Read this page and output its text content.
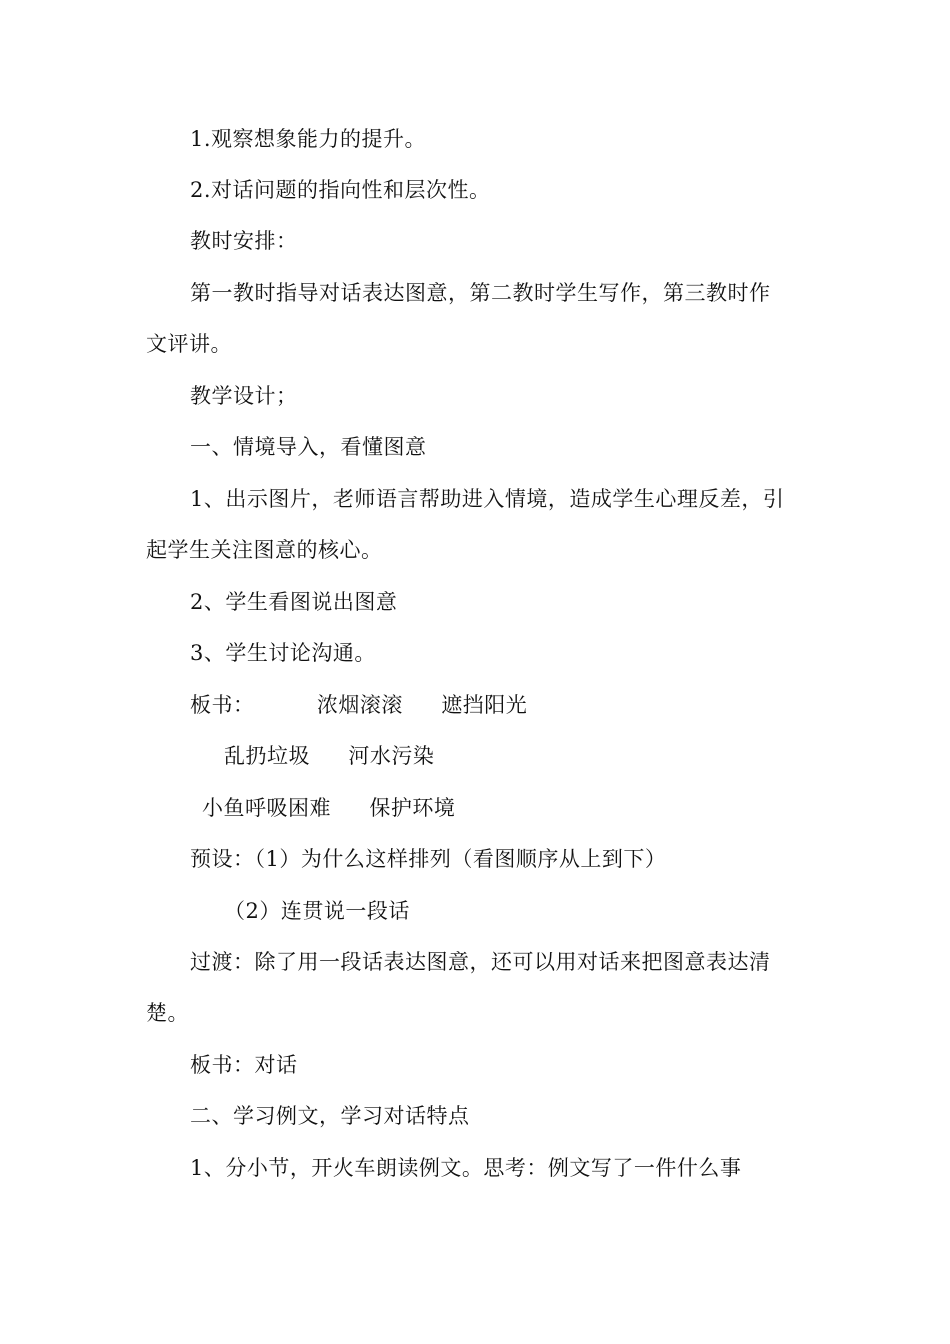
1.观察想象能力的提升。
2.对话问题的指向性和层次性。
教时安排：
第一教时指导对话表达图意，第二教时学生写作，第三教时作
文评讲。
教学设计；
一、情境导入，看懂图意
1、出示图片，老师语言帮助进入情境，造成学生心理反差，引
起学生关注图意的核心。
2、学生看图说出图意
3、学生讨论沟通。
板书：	浓烟滚滚 遮挡阳光
乱扔垃圾 河水污染
小鱼呼吸困难 保护环境
预设：（1）为什么这样排列（看图顺序从上到下）
（2）连贯说一段话
过渡：除了用一段话表达图意，还可以用对话来把图意表达清
楚。
板书：对话
二、学习例文，学习对话特点
1、分小节，开火车朗读例文。思考：例文写了一件什么事
